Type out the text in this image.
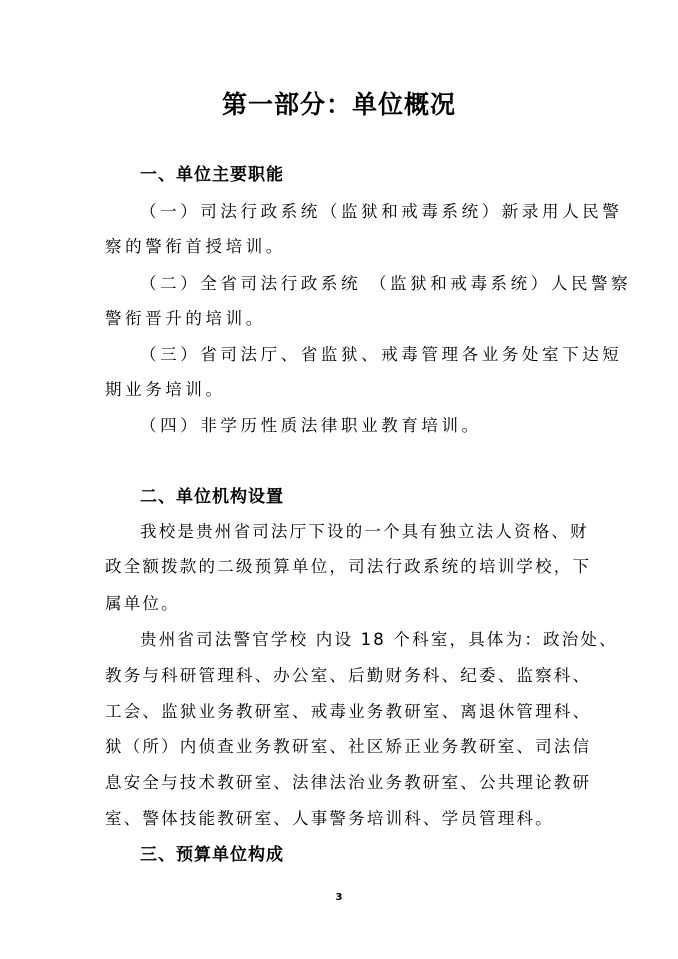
第一部分：单位概况
一、单位主要职能
（一）司法行政系统（监狱和戒毒系统）新录用人民警
察的警衔首授培训。
（二）全省司法行政系统 （监狱和戒毒系统）人民警察
警衔晋升的培训。
（三）省司法厅、省监狱、戒毒管理各业务处室下达短
期业务培训。
（四）非学历性质法律职业教育培训。
二、单位机构设置
我校是贵州省司法厅下设的一个具有独立法人资格、财
政全额拨款的二级预算单位，司法行政系统的培训学校，下
属单位。
贵州省司法警官学校 内设 18 个科室，具体为：政治处、
教务与科研管理科、办公室、后勤财务科、纪委、监察科、
工会、监狱业务教研室、戒毒业务教研室、离退休管理科、
狱（所）内侦查业务教研室、社区矫正业务教研室、司法信
息安全与技术教研室、法律法治业务教研室、公共理论教研
室、警体技能教研室、人事警务培训科、学员管理科。
三、预算单位构成
3
